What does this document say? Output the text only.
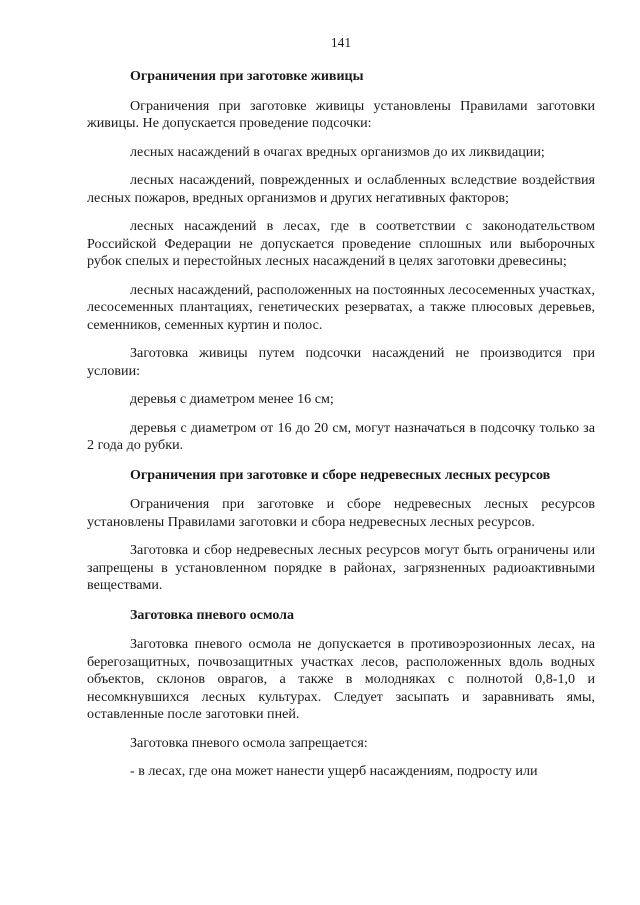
141
Ограничения при заготовке живицы

Ограничения при заготовке живицы установлены Правилами заготовки живицы. Не допускается проведение подсочки:

лесных насаждений в очагах вредных организмов до их ликвидации;

лесных насаждений, поврежденных и ослабленных вследствие воздействия лесных пожаров, вредных организмов и других негативных факторов;

лесных насаждений в лесах, где в соответствии с законодательством Российской Федерации не допускается проведение сплошных или выборочных рубок спелых и перестойных лесных насаждений в целях заготовки древесины;

лесных насаждений, расположенных на постоянных лесосеменных участках, лесосеменных плантациях, генетических резерватах, а также плюсовых деревьев, семенников, семенных куртин и полос.

Заготовка живицы путем подсочки насаждений не производится при условии:

деревья с диаметром менее 16 см;

деревья с диаметром от 16 до 20 см, могут назначаться в подсочку только за 2 года до рубки.

Ограничения при заготовке и сборе недревесных лесных ресурсов

Ограничения при заготовке и сборе недревесных лесных ресурсов установлены Правилами заготовки и сбора недревесных лесных ресурсов.

Заготовка и сбор недревесных лесных ресурсов могут быть ограничены или запрещены в установленном порядке в районах, загрязненных радиоактивными веществами.

Заготовка пневого осмола

Заготовка пневого осмола не допускается в противоэрозионных лесах, на берегозащитных, почвозащитных участках лесов, расположенных вдоль водных объектов, склонов оврагов, а также в молодняках с полнотой 0,8-1,0 и несомкнувшихся лесных культурах. Следует засыпать и заравнивать ямы, оставленные после заготовки пней.

Заготовка пневого осмола запрещается:

- в лесах, где она может нанести ущерб насаждениям, подросту или
